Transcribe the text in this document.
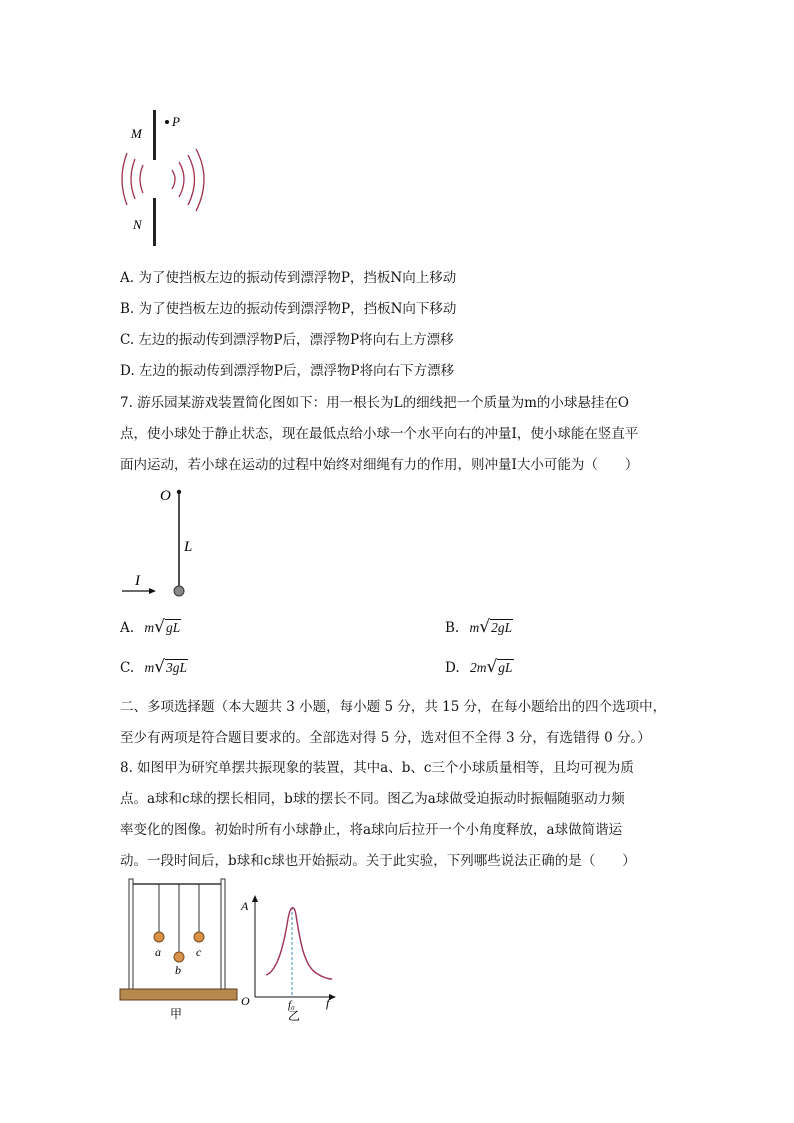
M
P
N
A. 为了使挡板左边的振动传到漂浮物P，挡板N向上移动
B. 为了使挡板左边的振动传到漂浮物P，挡板N向下移动
C. 左边的振动传到漂浮物P后，漂浮物P将向右上方漂移
D. 左边的振动传到漂浮物P后，漂浮物P将向右下方漂移
7. 游乐园某游戏装置简化图如下：用一根长为L的细线把一个质量为m的小球悬挂在O
点，使小球处于静止状态，现在最低点给小球一个水平向右的冲量I，使小球能在竖直平
面内运动，若小球在运动的过程中始终对细绳有力的作用，则冲量I大小可能为（　　）
O
L
I
A. m√gL	B. m√2gL
C. m√3gL	D. 2m√gL
二、多项选择题（本大题共 3 小题，每小题 5 分，共 15 分，在每小题给出的四个选项中，
至少有两项是符合题目要求的。全部选对得 5 分，选对但不全得 3 分，有选错得 0 分。）
8. 如图甲为研究单摆共振现象的装置，其中a、b、c三个小球质量相等，且均可视为质
点。a球和c球的摆长相同，b球的摆长不同。图乙为a球做受迫振动时振幅随驱动力频
率变化的图像。初始时所有小球静止，将a球向后拉开一个小角度释放，a球做简谐运
动。一段时间后，b球和c球也开始振动。关于此实验，下列哪些说法正确的是（　　）
a
b
c
甲
A
O	f
f₀
乙
